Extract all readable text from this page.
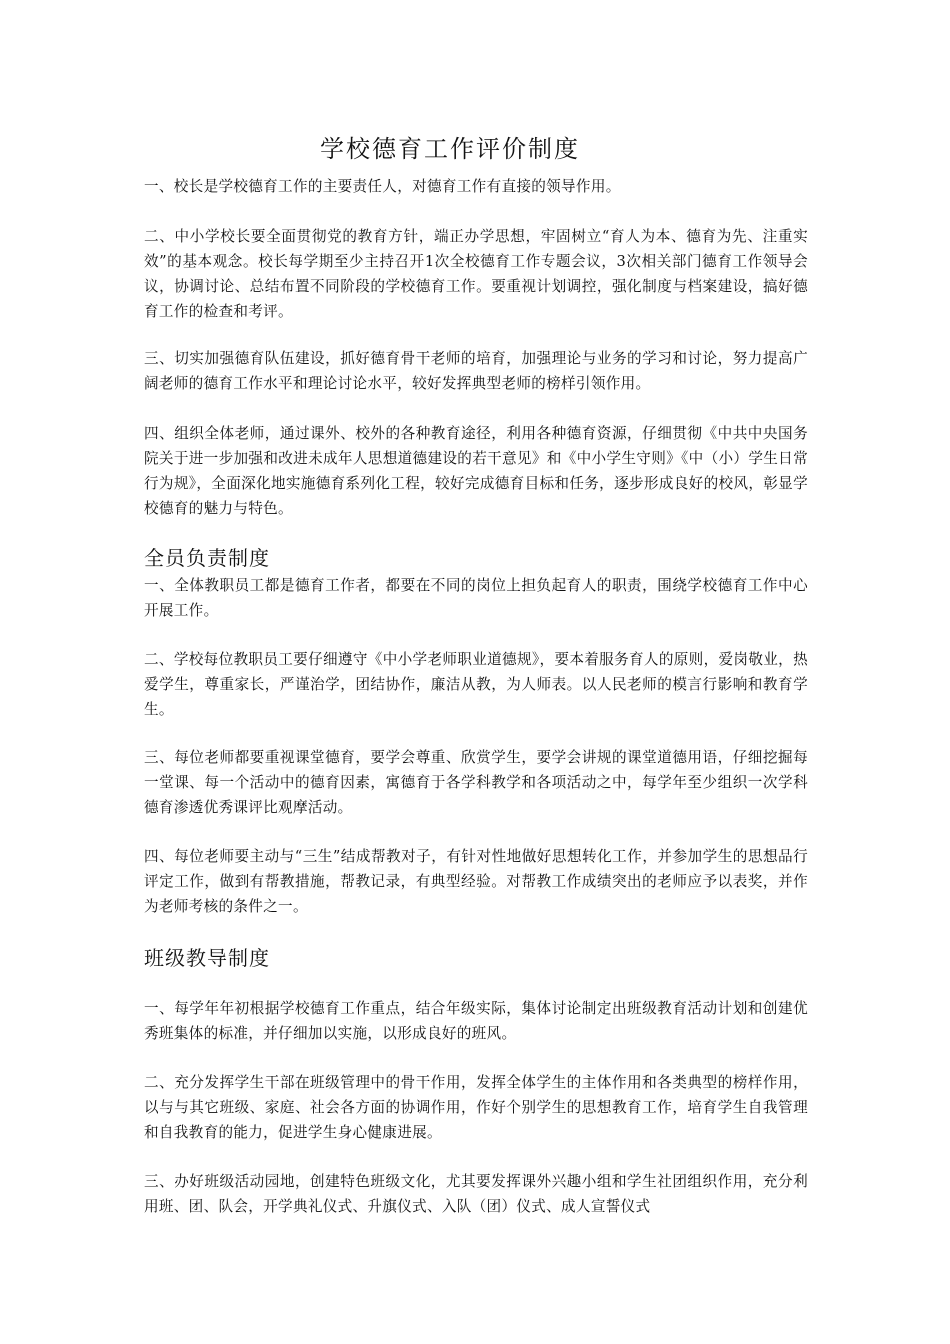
学校德育工作评价制度

一、校长是学校德育工作的主要责任人，对德育工作有直接的领导作用。

二、中小学校长要全面贯彻党的教育方针，端正办学思想，牢固树立“育人为本、德育为先、注重实效”的基本观念。校长每学期至少主持召开1次全校德育工作专题会议，3次相关部门德育工作领导会议，协调讨论、总结布置不同阶段的学校德育工作。要重视计划调控，强化制度与档案建设，搞好德育工作的检查和考评。

三、切实加强德育队伍建设，抓好德育骨干老师的培育，加强理论与业务的学习和讨论，努力提高广阔老师的德育工作水平和理论讨论水平，较好发挥典型老师的榜样引领作用。

四、组织全体老师，通过课外、校外的各种教育途径，利用各种德育资源，仔细贯彻《中共中央国务院关于进一步加强和改进未成年人思想道德建设的若干意见》和《中小学生守则》《中（小）学生日常行为规》，全面深化地实施德育系列化工程，较好完成德育目标和任务，逐步形成良好的校风，彰显学校德育的魅力与特色。

全员负责制度

一、全体教职员工都是德育工作者，都要在不同的岗位上担负起育人的职责，围绕学校德育工作中心开展工作。

二、学校每位教职员工要仔细遵守《中小学老师职业道德规》，要本着服务育人的原则，爱岗敬业，热爱学生，尊重家长，严谨治学，团结协作，廉洁从教，为人师表。以人民老师的模言行影响和教育学生。

三、每位老师都要重视课堂德育，要学会尊重、欣赏学生，要学会讲规的课堂道德用语，仔细挖掘每一堂课、每一个活动中的德育因素，寓德育于各学科教学和各项活动之中，每学年至少组织一次学科德育渗透优秀课评比观摩活动。

四、每位老师要主动与“三生”结成帮教对子，有针对性地做好思想转化工作，并参加学生的思想品行评定工作，做到有帮教措施，帮教记录，有典型经验。对帮教工作成绩突出的老师应予以表奖，并作为老师考核的条件之一。

班级教导制度

一、每学年年初根据学校德育工作重点，结合年级实际，集体讨论制定出班级教育活动计划和创建优秀班集体的标准，并仔细加以实施，以形成良好的班风。

二、充分发挥学生干部在班级管理中的骨干作用，发挥全体学生的主体作用和各类典型的榜样作用，以与与其它班级、家庭、社会各方面的协调作用，作好个别学生的思想教育工作，培育学生自我管理和自我教育的能力，促进学生身心健康进展。

三、办好班级活动园地，创建特色班级文化，尤其要发挥课外兴趣小组和学生社团组织作用，充分利用班、团、队会，开学典礼仪式、升旗仪式、入队（团）仪式、成人宣誓仪式
